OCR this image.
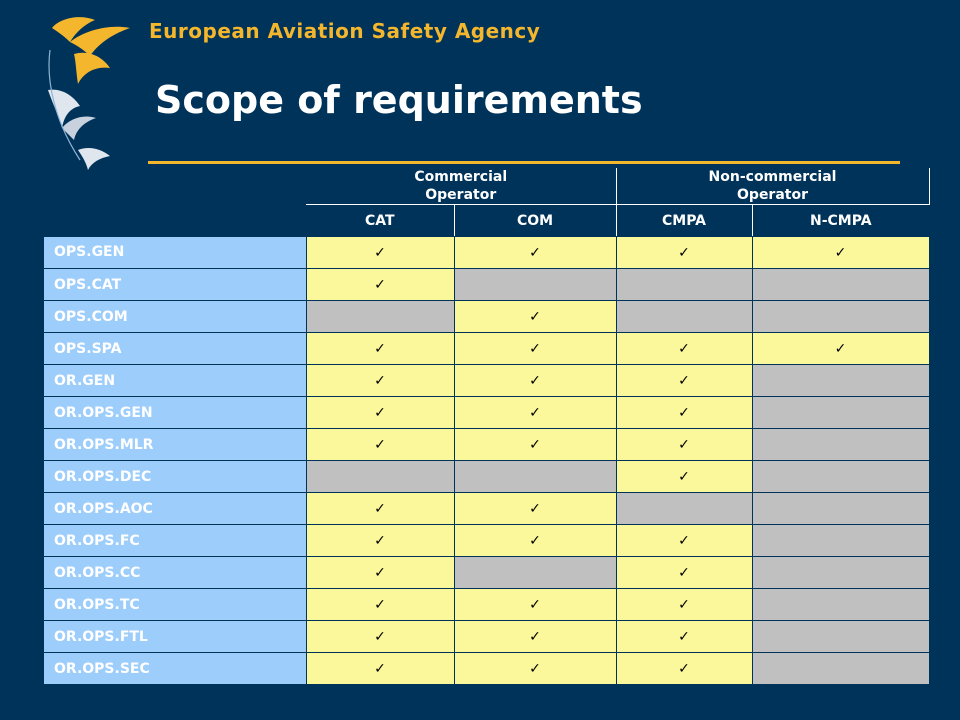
European Aviation Safety Agency
Scope of requirements

	Commercial
Operator		Non-commercial
Operator	

	CAT	COM	CMPA	N-CMPA
OPS.GEN	✓	✓	✓	✓
OPS.CAT	✓			
OPS.COM		✓		
OPS.SPA	✓	✓	✓	✓
OR.GEN	✓	✓	✓	
OR.OPS.GEN	✓	✓	✓	
OR.OPS.MLR	✓	✓	✓	
OR.OPS.DEC			✓	
OR.OPS.AOC	✓	✓		
OR.OPS.FC	✓	✓	✓	
OR.OPS.CC	✓		✓	
OR.OPS.TC	✓	✓	✓	
OR.OPS.FTL	✓	✓	✓	
OR.OPS.SEC	✓	✓	✓	
